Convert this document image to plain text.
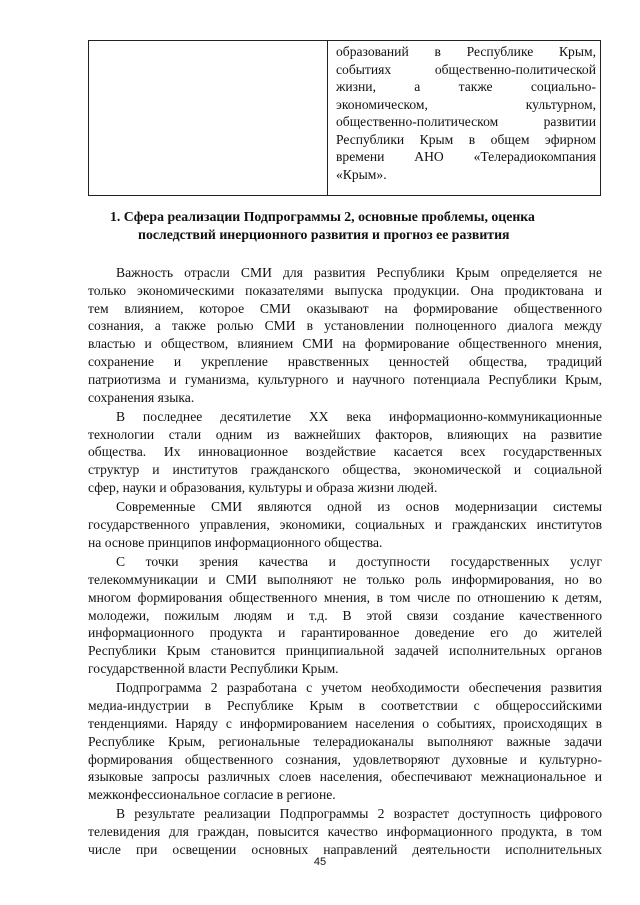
образований в Республике Крым,
событиях общественно-политической
жизни, а также социально-
экономическом, культурном,
общественно-политическом развитии
Республики Крым в общем эфирном
времени АНО «Телерадиокомпания
«Крым».
1. Сфера реализации Подпрограммы 2, основные проблемы, оценка
последствий инерционного развития и прогноз ее развития
Важность отрасли СМИ для развития Республики Крым определяется не
только экономическими показателями выпуска продукции. Она продиктована и
тем влиянием, которое СМИ оказывают на формирование общественного
сознания, а также ролью СМИ в установлении полноценного диалога между
властью и обществом, влиянием СМИ на формирование общественного мнения,
сохранение и укрепление нравственных ценностей общества, традиций
патриотизма и гуманизма, культурного и научного потенциала Республики Крым,
сохранения языка.
В последнее десятилетие XX века информационно-коммуникационные
технологии стали одним из важнейших факторов, влияющих на развитие
общества. Их инновационное воздействие касается всех государственных
структур и институтов гражданского общества, экономической и социальной
сфер, науки и образования, культуры и образа жизни людей.
Современные СМИ являются одной из основ модернизации системы
государственного управления, экономики, социальных и гражданских институтов
на основе принципов информационного общества.
С точки зрения качества и доступности государственных услуг
телекоммуникации и СМИ выполняют не только роль информирования, но во
многом формирования общественного мнения, в том числе по отношению к детям,
молодежи, пожилым людям и т.д. В этой связи создание качественного
информационного продукта и гарантированное доведение его до жителей
Республики Крым становится принципиальной задачей исполнительных органов
государственной власти Республики Крым.
Подпрограмма 2 разработана с учетом необходимости обеспечения развития
медиа-индустрии в Республике Крым в соответствии с общероссийскими
тенденциями. Наряду с информированием населения о событиях, происходящих в
Республике Крым, региональные телерадиоканалы выполняют важные задачи
формирования общественного сознания, удовлетворяют духовные и культурно-
языковые запросы различных слоев населения, обеспечивают межнациональное и
межконфессиональное согласие в регионе.
В результате реализации Подпрограммы 2 возрастет доступность цифрового
телевидения для граждан, повысится качество информационного продукта, в том
числе при освещении основных направлений деятельности исполнительных
45
